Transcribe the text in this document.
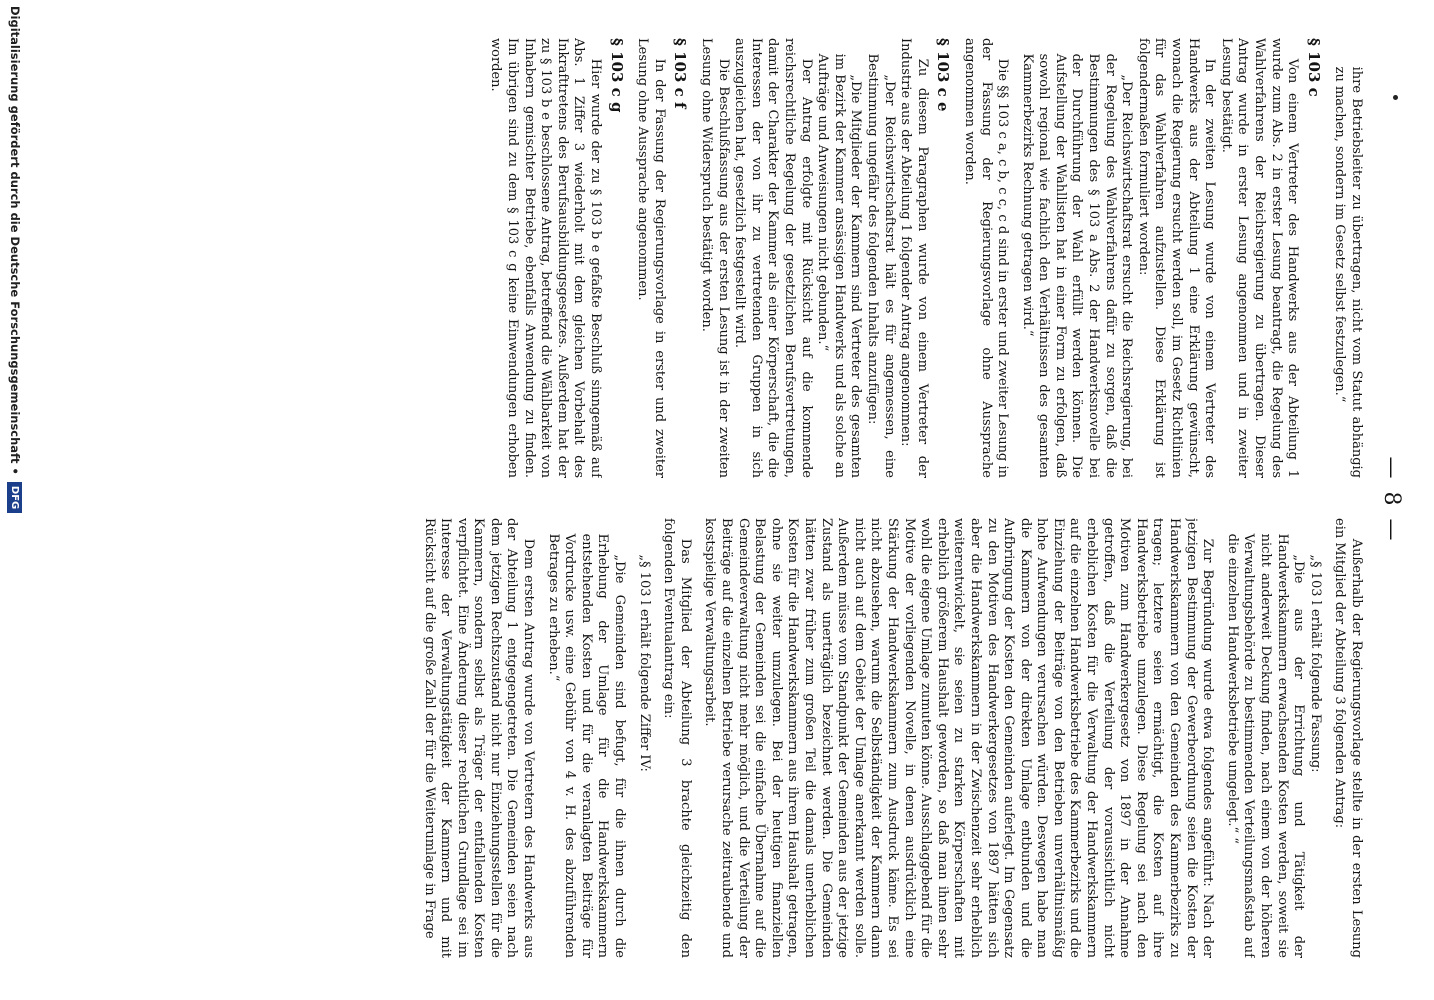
— 8 —

ihre Betriebsleiter zu übertragen, nicht vom Statut abhängig zu machen, sondern im Gesetz selbst festzulegen.“

§ 103 c

Von einem Vertreter des Handwerks aus der Abteilung 1 wurde zum Abs. 2 in erster Lesung beantragt, die Regelung des Wahlverfahrens der Reichsregierung zu übertragen. Dieser Antrag wurde in erster Lesung angenommen und in zweiter Lesung bestätigt.

In der zweiten Lesung wurde von einem Vertreter des Handwerks aus der Abteilung 1 eine Erklärung gewünscht, wonach die Regierung ersucht werden soll, im Gesetz Richtlinien für das Wahlverfahren aufzustellen. Diese Erklärung ist folgendermaßen formuliert worden:

„Der Reichswirtschaftsrat ersucht die Reichsregierung, bei der Regelung des Wahlverfahrens dafür zu sorgen, daß die Bestimmungen des § 103 a Abs. 2 der Handwerksnovelle bei der Durchführung der Wahl erfüllt werden können. Die Aufstellung der Wahllisten hat in einer Form zu erfolgen, daß sowohl regional wie fachlich den Verhältnissen des gesamten Kammerbezirks Rechnung getragen wird.“

Die §§ 103 c a, c b, c c, c d sind in erster und zweiter Lesung in der Fassung der Regierungsvorlage ohne Aussprache angenommen worden.

§ 103 c e

Zu diesem Paragraphen wurde von einem Vertreter der Industrie aus der Abteilung 1 folgender Antrag angenommen:

„Der Reichswirtschaftsrat hält es für angemessen, eine Bestimmung ungefähr des folgenden Inhalts anzufügen:

„Die Mitglieder der Kammern sind Vertreter des gesamten im Bezirk der Kammer ansässigen Handwerks und als solche an Aufträge und Anweisungen nicht gebunden.“

Der Antrag erfolgte mit Rücksicht auf die kommende reichsrechtliche Regelung der gesetzlichen Berufsvertretungen, damit der Charakter der Kammer als einer Körperschaft, die die Interessen der von ihr zu vertretenden Gruppen in sich auszugleichen hat, gesetzlich festgestellt wird.

Die Beschlußfassung aus der ersten Lesung ist in der zweiten Lesung ohne Widerspruch bestätigt worden.

§ 103 c f

In der Fassung der Regierungsvorlage in erster und zweiter Lesung ohne Aussprache angenommen.

§ 103 c g

Hier wurde der zu § 103 b e gefaßte Beschluß sinngemäß auf Abs. 1 Ziffer 3 wiederholt mit dem gleichen Vorbehalt des Inkrafttretens des Berufsausbildungsgesetzes. Außerdem hat der zu § 103 b e beschlossene Antrag, betreffend die Wählbarkeit von Inhabern gemischter Betriebe, ebenfalls Anwendung zu finden. Im übrigen sind zu dem § 103 c g keine Einwendungen erhoben worden.

Außerhalb der Regierungsvorlage stellte in der ersten Lesung ein Mitglied der Abteilung 3 folgenden Antrag:

„§ 103 l erhält folgende Fassung:

„Die aus der Errichtung und Tätigkeit der Handwerkskammern erwachsenden Kosten werden, soweit sie nicht anderweit Deckung finden, nach einem von der höheren Verwaltungsbehörde zu bestimmenden Verteilungsmaßstab auf die einzelnen Handwerksbetriebe umgelegt.“ “

Zur Begründung wurde etwa folgendes angeführt: Nach der jetzigen Bestimmung der Gewerbeordnung seien die Kosten der Handwerkskammern von den Gemeinden des Kammerbezirks zu tragen; letztere seien ermächtigt, die Kosten auf ihre Handwerksbetriebe umzulegen. Diese Regelung sei nach den Motiven zum Handwerkergesetz von 1897 in der Annahme getroffen, daß die Verteilung der voraussichtlich nicht erheblichen Kosten für die Verwaltung der Handwerkskammern auf die einzelnen Handwerksbetriebe des Kammerbezirks und die Einziehung der Beiträge von den Betrieben unverhältnismäßig hohe Aufwendungen verursachen würden. Deswegen habe man die Kammern von der direkten Umlage entbunden und die Aufbringung der Kosten den Gemeinden auferlegt. Im Gegensatz zu den Motiven des Handwerkergesetzes von 1897 hätten sich aber die Handwerkskammern in der Zwischenzeit sehr erheblich weiterentwickelt, sie seien zu starken Körperschaften mit erheblich größerem Haushalt geworden, so daß man ihnen sehr wohl die eigene Umlage zumuten könne. Ausschlaggebend für die Motive der vorliegenden Novelle, in denen ausdrücklich eine Stärkung der Handwerkskammern zum Ausdruck käme. Es sei nicht abzusehen, warum die Selbständigkeit der Kammern dann nicht auch auf dem Gebiet der Umlage anerkannt werden solle. Außerdem müsse vom Standpunkt der Gemeinden aus der jetzige Zustand als unerträglich bezeichnet werden. Die Gemeinden hätten zwar früher zum großen Teil die damals unerheblichen Kosten für die Handwerkskammern aus ihrem Haushalt getragen, ohne sie weiter umzulegen. Bei der heutigen finanziellen Belastung der Gemeinden sei die einfache Übernahme auf die Gemeindeverwaltung nicht mehr möglich, und die Verteilung der Beiträge auf die einzelnen Betriebe verursache zeitraubende und kostspielige Verwaltungsarbeit.

Das Mitglied der Abteilung 3 brachte gleichzeitig den folgenden Eventualantrag ein:

„§ 103 l erhält folgende Ziffer IV:

„Die Gemeinden sind befugt, für die ihnen durch die Erhebung der Umlage für die Handwerkskammern entstehenden Kosten und für die veranlagten Beiträge für Vordrucke usw. eine Gebühr von 4 v. H. des abzuführenden Betrages zu erheben.“

Dem ersten Antrag wurde von Vertretern des Handwerks aus der Abteilung 1 entgegengetreten. Die Gemeinden seien nach dem jetzigen Rechtszustand nicht nur Einziehungsstellen für die Kammern, sondern selbst als Träger der entfallenden Kosten verpflichtet. Eine Änderung dieser rechtlichen Grundlage sei im Interesse der Verwaltungstätigkeit der Kammern und mit Rücksicht auf die große Zahl der für die Weiterumlage in Frage

Digitalisierung gefördert durch die Deutsche Forschungsgemeinschaft • DFG
